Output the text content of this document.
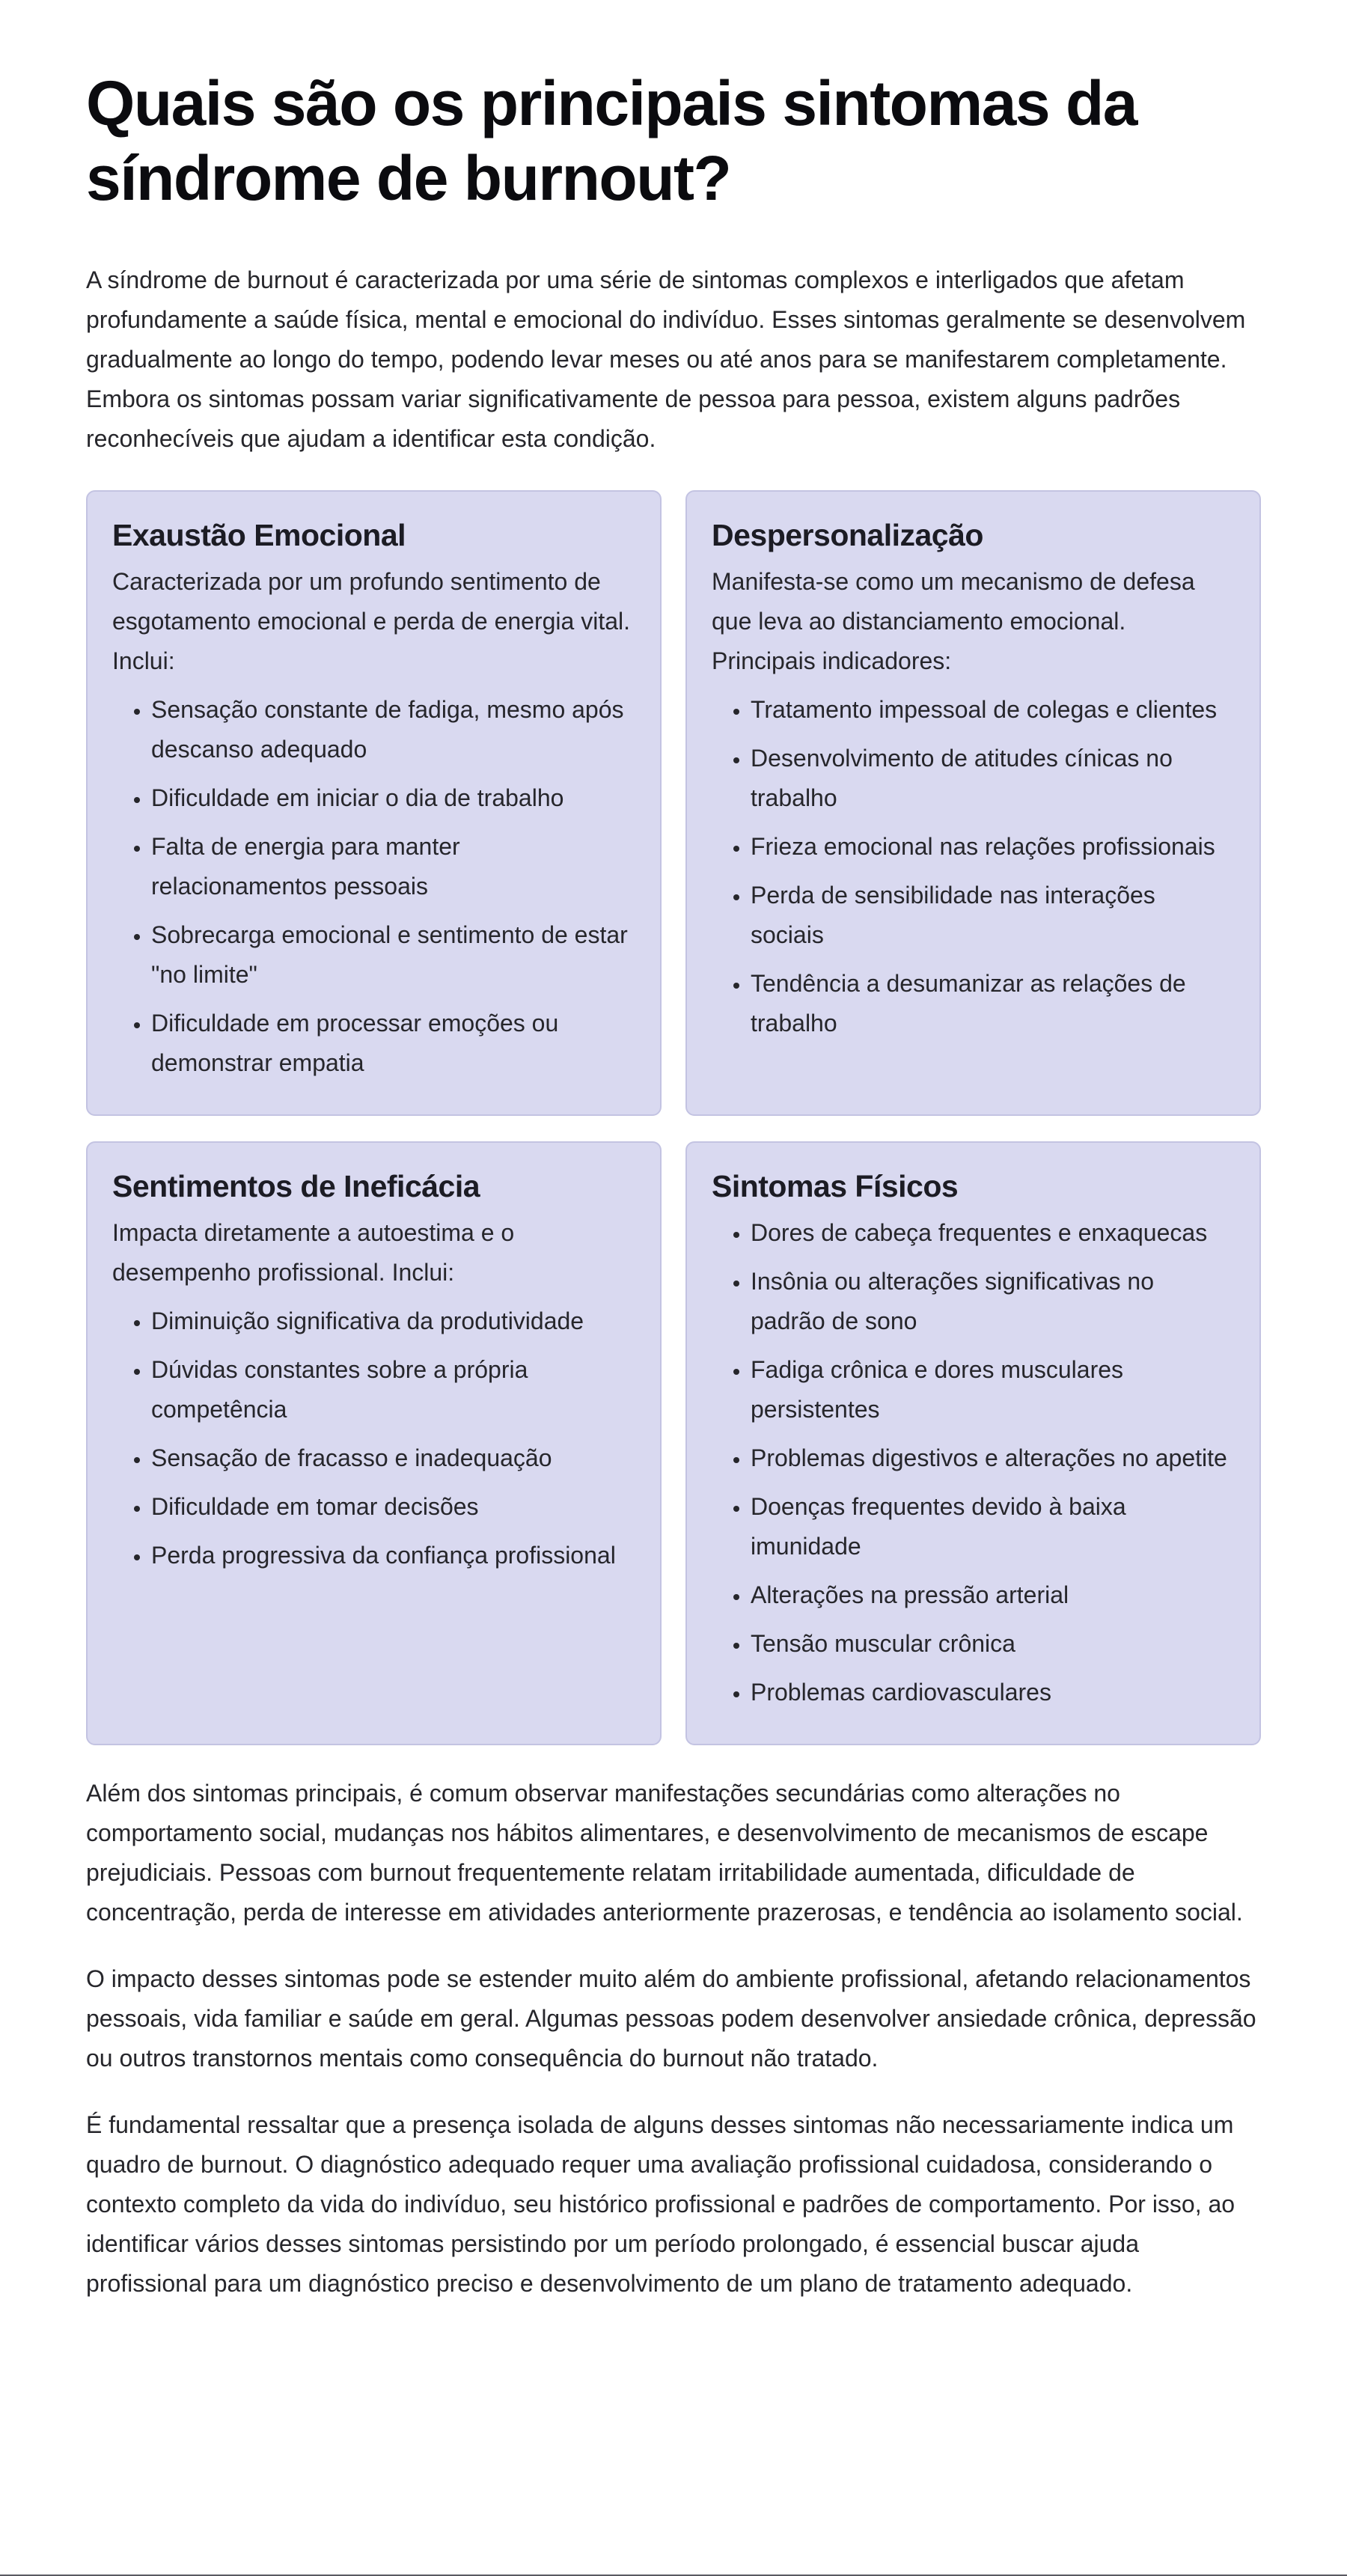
Quais são os principais sintomas da síndrome de burnout?

A síndrome de burnout é caracterizada por uma série de sintomas complexos e interligados que afetam profundamente a saúde física, mental e emocional do indivíduo. Esses sintomas geralmente se desenvolvem gradualmente ao longo do tempo, podendo levar meses ou até anos para se manifestarem completamente. Embora os sintomas possam variar significativamente de pessoa para pessoa, existem alguns padrões reconhecíveis que ajudam a identificar esta condição.

Exaustão Emocional

Caracterizada por um profundo sentimento de esgotamento emocional e perda de energia vital. Inclui:

• Sensação constante de fadiga, mesmo após descanso adequado
• Dificuldade em iniciar o dia de trabalho
• Falta de energia para manter relacionamentos pessoais
• Sobrecarga emocional e sentimento de estar "no limite"
• Dificuldade em processar emoções ou demonstrar empatia
Despersonalização

Manifesta-se como um mecanismo de defesa que leva ao distanciamento emocional. Principais indicadores:

• Tratamento impessoal de colegas e clientes
• Desenvolvimento de atitudes cínicas no trabalho
• Frieza emocional nas relações profissionais
• Perda de sensibilidade nas interações sociais
• Tendência a desumanizar as relações de trabalho
Sentimentos de Ineficácia

Impacta diretamente a autoestima e o desempenho profissional. Inclui:

• Diminuição significativa da produtividade
• Dúvidas constantes sobre a própria competência
• Sensação de fracasso e inadequação
• Dificuldade em tomar decisões
• Perda progressiva da confiança profissional
Sintomas Físicos
• Dores de cabeça frequentes e enxaquecas
• Insônia ou alterações significativas no padrão de sono
• Fadiga crônica e dores musculares persistentes
• Problemas digestivos e alterações no apetite
• Doenças frequentes devido à baixa imunidade
• Alterações na pressão arterial
• Tensão muscular crônica
• Problemas cardiovasculares

Além dos sintomas principais, é comum observar manifestações secundárias como alterações no comportamento social, mudanças nos hábitos alimentares, e desenvolvimento de mecanismos de escape prejudiciais. Pessoas com burnout frequentemente relatam irritabilidade aumentada, dificuldade de concentração, perda de interesse em atividades anteriormente prazerosas, e tendência ao isolamento social.

O impacto desses sintomas pode se estender muito além do ambiente profissional, afetando relacionamentos pessoais, vida familiar e saúde em geral. Algumas pessoas podem desenvolver ansiedade crônica, depressão ou outros transtornos mentais como consequência do burnout não tratado.

É fundamental ressaltar que a presença isolada de alguns desses sintomas não necessariamente indica um quadro de burnout. O diagnóstico adequado requer uma avaliação profissional cuidadosa, considerando o contexto completo da vida do indivíduo, seu histórico profissional e padrões de comportamento. Por isso, ao identificar vários desses sintomas persistindo por um período prolongado, é essencial buscar ajuda profissional para um diagnóstico preciso e desenvolvimento de um plano de tratamento adequado.
